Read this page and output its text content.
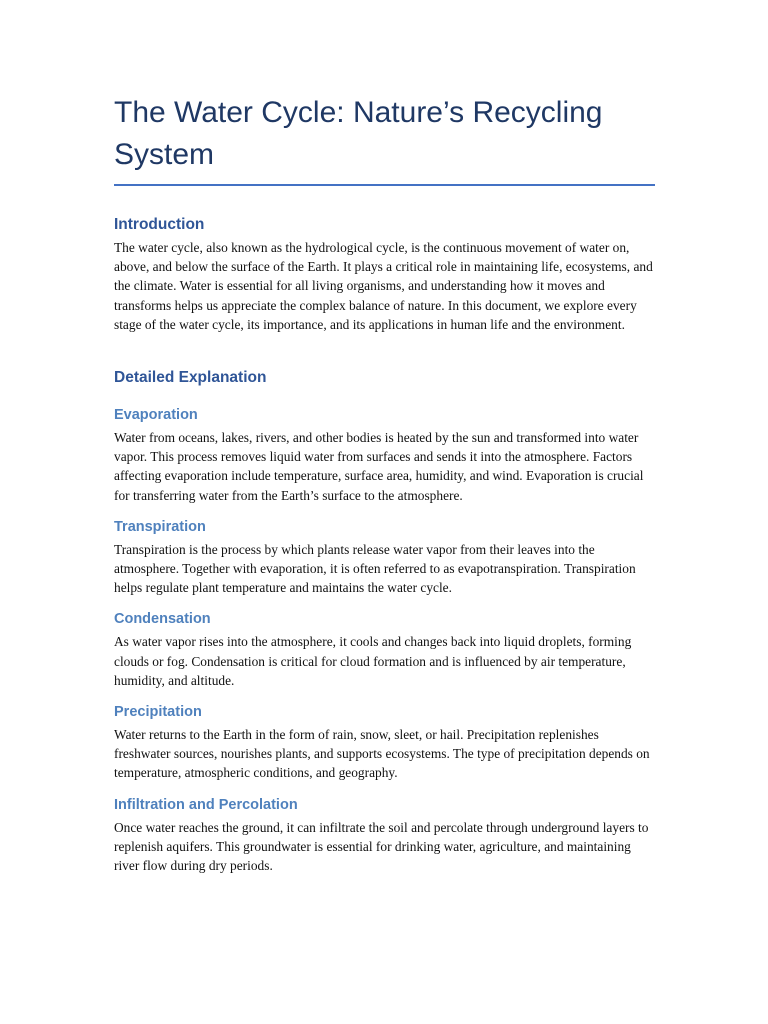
The Water Cycle: Nature’s Recycling System
Introduction

The water cycle, also known as the hydrological cycle, is the continuous movement of water on, above, and below the surface of the Earth. It plays a critical role in maintaining life, ecosystems, and the climate. Water is essential for all living organisms, and understanding how it moves and transforms helps us appreciate the complex balance of nature. In this document, we explore every stage of the water cycle, its importance, and its applications in human life and the environment.

Detailed Explanation
Evaporation

Water from oceans, lakes, rivers, and other bodies is heated by the sun and transformed into water vapor. This process removes liquid water from surfaces and sends it into the atmosphere. Factors affecting evaporation include temperature, surface area, humidity, and wind. Evaporation is crucial for transferring water from the Earth’s surface to the atmosphere.

Transpiration

Transpiration is the process by which plants release water vapor from their leaves into the atmosphere. Together with evaporation, it is often referred to as evapotranspiration. Transpiration helps regulate plant temperature and maintains the water cycle.

Condensation

As water vapor rises into the atmosphere, it cools and changes back into liquid droplets, forming clouds or fog. Condensation is critical for cloud formation and is influenced by air temperature, humidity, and altitude.

Precipitation

Water returns to the Earth in the form of rain, snow, sleet, or hail. Precipitation replenishes freshwater sources, nourishes plants, and supports ecosystems. The type of precipitation depends on temperature, atmospheric conditions, and geography.

Infiltration and Percolation

Once water reaches the ground, it can infiltrate the soil and percolate through underground layers to replenish aquifers. This groundwater is essential for drinking water, agriculture, and maintaining river flow during dry periods.
